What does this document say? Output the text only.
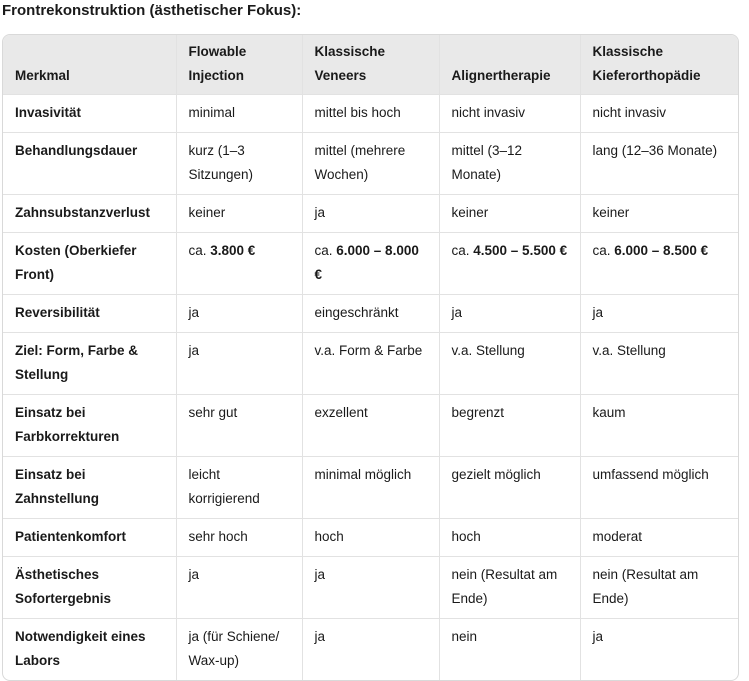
Frontrekonstruktion (ästhetischer Fokus):
Merkmal	Flowable Injection	Klassische Veneers	Alignertherapie	Klassische Kieferorthopädie
Invasivität	minimal	mittel bis hoch	nicht invasiv	nicht invasiv
Behandlungsdauer	kurz (1–3 Sitzungen)	mittel (mehrere Wochen)	mittel (3–12 Monate)	lang (12–36 Monate)
Zahnsubstanzverlust	keiner	ja	keiner	keiner
Kosten (Oberkiefer Front)	ca. 3.800 €	ca. 6.000 – 8.000 €	ca. 4.500 – 5.500 €	ca. 6.000 – 8.500 €
Reversibilität	ja	eingeschränkt	ja	ja
Ziel: Form, Farbe & Stellung	ja	v.a. Form & Farbe	v.a. Stellung	v.a. Stellung
Einsatz bei Farbkorrekturen	sehr gut	exzellent	begrenzt	kaum
Einsatz bei Zahnstellung	leicht korrigierend	minimal möglich	gezielt möglich	umfassend möglich
Patientenkomfort	sehr hoch	hoch	hoch	moderat
Ästhetisches Sofortergebnis	ja	ja	nein (Resultat am Ende)	nein (Resultat am Ende)
Notwendigkeit eines Labors	ja (für Schiene/ Wax-up)	ja	nein	ja
